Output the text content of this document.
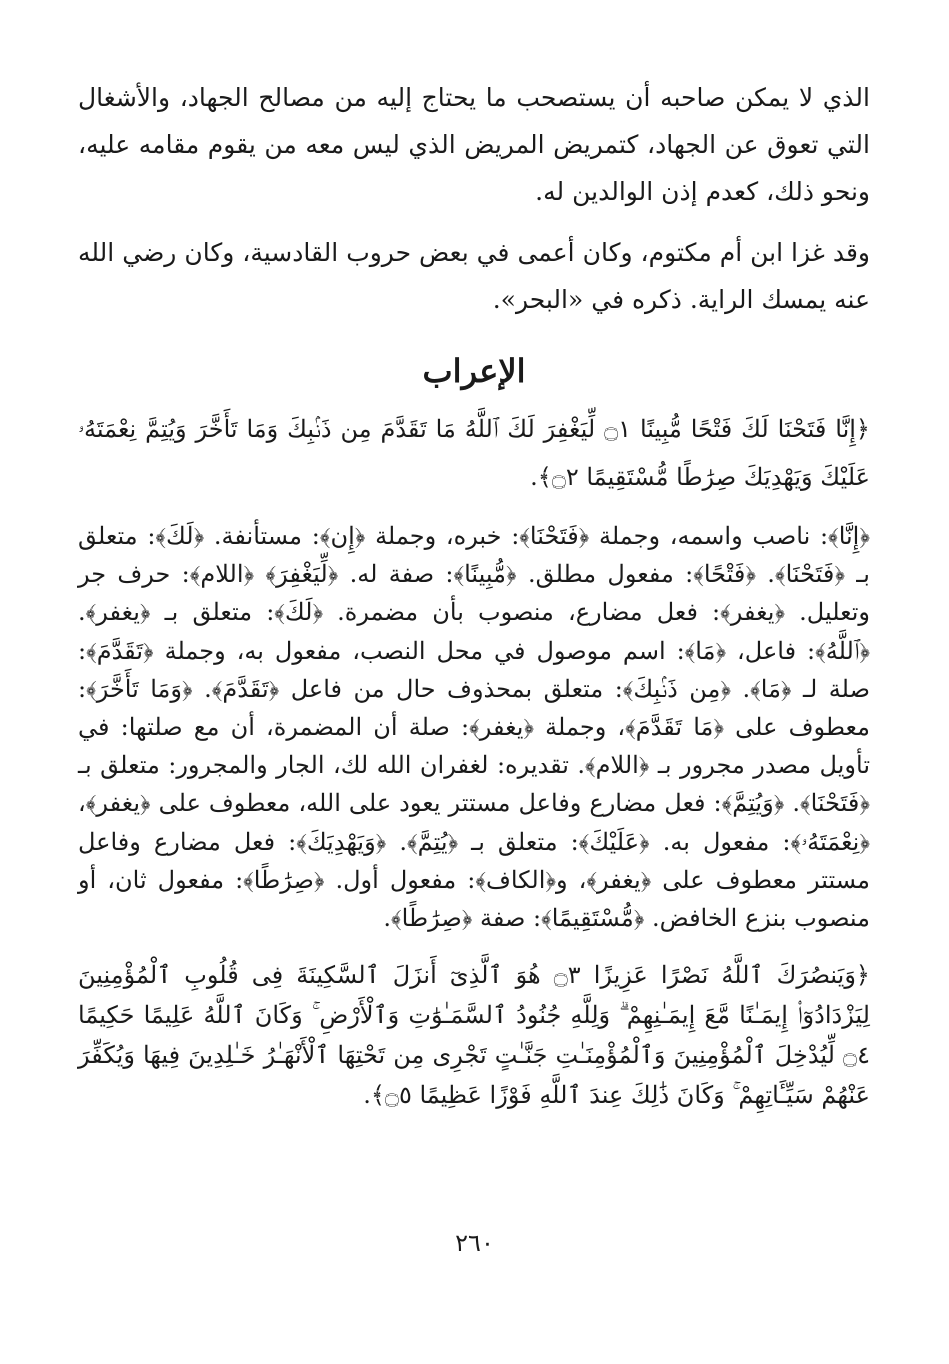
الذي لا يمكن صاحبه أن يستصحب ما يحتاج إليه من مصالح الجهاد، والأشغال التي تعوق عن الجهاد، كتمريض المريض الذي ليس معه من يقوم مقامه عليه، ونحو ذلك، كعدم إذن الوالدين له.

وقد غزا ابن أم مكتوم، وكان أعمى في بعض حروب القادسية، وكان رضي الله عنه يمسك الراية. ذكره في «البحر».

الإعراب

﴿إِنَّا فَتَحْنَا لَكَ فَتْحًا مُّبِينًا ۝١ لِّيَغْفِرَ لَكَ ٱللَّهُ مَا تَقَدَّمَ مِن ذَنۢبِكَ وَمَا تَأَخَّرَ وَيُتِمَّ نِعْمَتَهُۥ عَلَيْكَ وَيَهْدِيَكَ صِرَٰطًا مُّسْتَقِيمًا ۝٢﴾.

﴿إِنَّا﴾: ناصب واسمه، وجملة ﴿فَتَحْنَا﴾: خبره، وجملة ﴿إِن﴾: مستأنفة. ﴿لَكَ﴾: متعلق بـ ﴿فَتَحْنَا﴾. ﴿فَتْحًا﴾: مفعول مطلق. ﴿مُّبِينًا﴾: صفة له. ﴿لِّيَغْفِرَ﴾ ﴿اللام﴾: حرف جر وتعليل. ﴿يغفر﴾: فعل مضارع، منصوب بأن مضمرة. ﴿لَكَ﴾: متعلق بـ ﴿يغفر﴾. ﴿ٱللَّهُ﴾: فاعل، ﴿مَا﴾: اسم موصول في محل النصب، مفعول به، وجملة ﴿تَقَدَّمَ﴾: صلة لـ ﴿مَا﴾. ﴿مِن ذَنۢبِكَ﴾: متعلق بمحذوف حال من فاعل ﴿تَقَدَّمَ﴾. ﴿وَمَا تَأَخَّرَ﴾: معطوف على ﴿مَا تَقَدَّمَ﴾، وجملة ﴿يغفر﴾: صلة أن المضمرة، أن مع صلتها: في تأويل مصدر مجرور بـ ﴿اللام﴾. تقديره: لغفران الله لك، الجار والمجرور: متعلق بـ ﴿فَتَحْنَا﴾. ﴿وَيُتِمَّ﴾: فعل مضارع وفاعل مستتر يعود على الله، معطوف على ﴿يغفر﴾، ﴿نِعْمَتَهُۥ﴾: مفعول به. ﴿عَلَيْكَ﴾: متعلق بـ ﴿يُتِمَّ﴾. ﴿وَيَهْدِيَكَ﴾: فعل مضارع وفاعل مستتر معطوف على ﴿يغفر﴾، و﴿الكاف﴾: مفعول أول. ﴿صِرَٰطًا﴾: مفعول ثان، أو منصوب بنزع الخافض. ﴿مُّسْتَقِيمًا﴾: صفة ﴿صِرَٰطًا﴾.

﴿وَيَنصُرَكَ ٱللَّهُ نَصْرًا عَزِيزًا ۝٣ هُوَ ٱلَّذِىٓ أَنزَلَ ٱلسَّكِينَةَ فِى قُلُوبِ ٱلْمُؤْمِنِينَ لِيَزْدَادُوٓا۟ إِيمَـٰنًا مَّعَ إِيمَـٰنِهِمْ ۗ وَلِلَّهِ جُنُودُ ٱلسَّمَـٰوَٰتِ وَٱلْأَرْضِ ۚ وَكَانَ ٱللَّهُ عَلِيمًا حَكِيمًا ۝٤ لِّيُدْخِلَ ٱلْمُؤْمِنِينَ وَٱلْمُؤْمِنَـٰتِ جَنَّـٰتٍ تَجْرِى مِن تَحْتِهَا ٱلْأَنْهَـٰرُ خَـٰلِدِينَ فِيهَا وَيُكَفِّرَ عَنْهُمْ سَيِّـَٔاتِهِمْ ۚ وَكَانَ ذَٰلِكَ عِندَ ٱللَّهِ فَوْزًا عَظِيمًا ۝٥﴾.

٢٦٠
